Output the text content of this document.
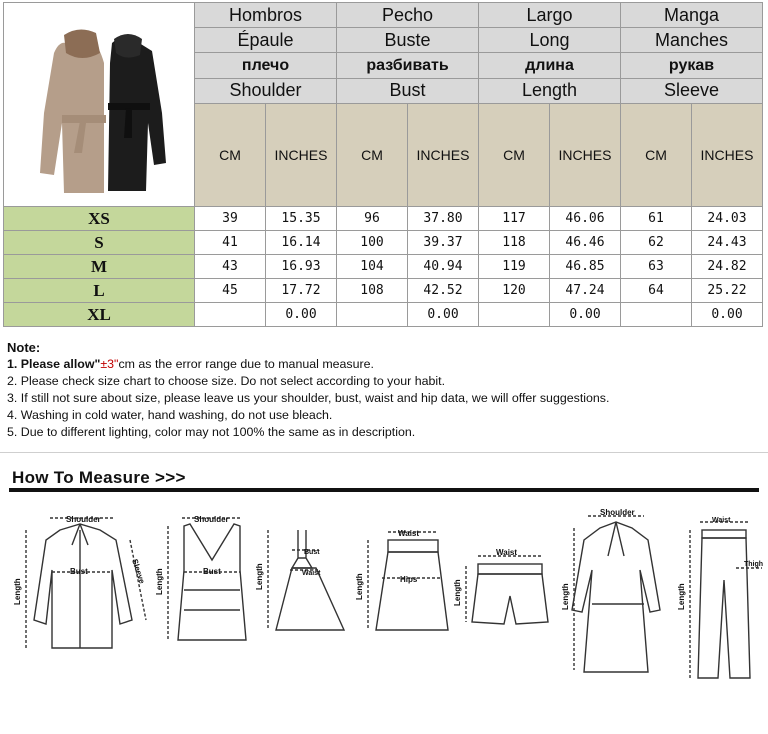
	Hombros		Pecho		Largo		Manga	
	Épaule		Buste		Long		Manches	
	плечо		разбивать		длина		рукав	
	Shoulder		Bust		Length		Sleeve	
	CM	INCHES	CM	INCHES	CM	INCHES	CM	INCHES
XS	39	15.35	96	37.80	117	46.06	61	24.03
S	41	16.14	100	39.37	118	46.46	62	24.43
M	43	16.93	104	40.94	119	46.85	63	24.82
L	45	17.72	108	42.52	120	47.24	64	25.22
XL		0.00		0.00		0.00		0.00
Note:
1. Please allow"±3"cm as the error range due to manual measure.
2. Please check size chart to choose size. Do not select according to your habit.
3. If still not sure about size, please leave us your shoulder, bust, waist and hip data, we will offer suggestions.
4. Washing in cold water, hand washing, do not use bleach.
5. Due to different lighting, color may not 100% the same as in description.
How To Measure >>>
Shoulder
Bust
Length
Sleeve
Shoulder
Bust
Length
Bust
Waist
Length
Waist
Hips
Length
Waist
Length
Shoulder
Length
Waist
Thigh
Length
